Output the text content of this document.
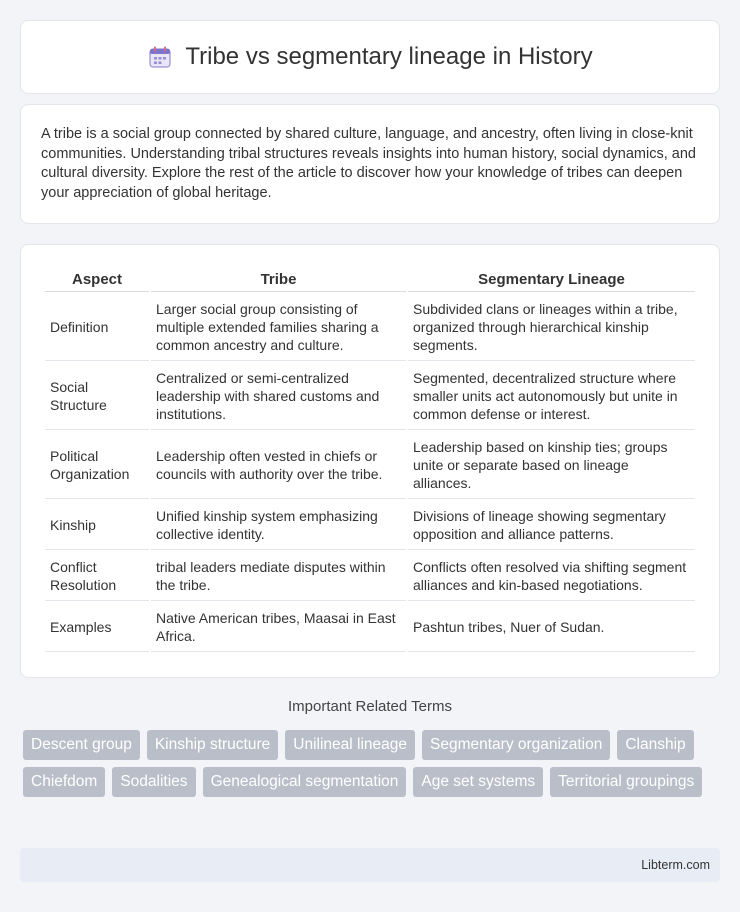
Tribe vs segmentary lineage in History

A tribe is a social group connected by shared culture, language, and ancestry, often living in close-knit communities. Understanding tribal structures reveals insights into human history, social dynamics, and cultural diversity. Explore the rest of the article to discover how your knowledge of tribes can deepen your appreciation of global heritage.

Aspect	Tribe	Segmentary Lineage
Definition	Larger social group consisting of multiple extended families sharing a common ancestry and culture.	Subdivided clans or lineages within a tribe, organized through hierarchical kinship segments.
Social Structure	Centralized or semi-centralized leadership with shared customs and institutions.	Segmented, decentralized structure where smaller units act autonomously but unite in common defense or interest.
Political Organization	Leadership often vested in chiefs or councils with authority over the tribe.	Leadership based on kinship ties; groups unite or separate based on lineage alliances.
Kinship	Unified kinship system emphasizing collective identity.	Divisions of lineage showing segmentary opposition and alliance patterns.
Conflict Resolution	tribal leaders mediate disputes within the tribe.	Conflicts often resolved via shifting segment alliances and kin-based negotiations.
Examples	Native American tribes, Maasai in East Africa.	Pashtun tribes, Nuer of Sudan.
Important Related Terms
Descent group	Kinship structure	Unilineal lineage	Segmentary organization	Clanship
Chiefdom	Sodalities	Genealogical segmentation	Age set systems	Territorial groupings
Libterm.com
